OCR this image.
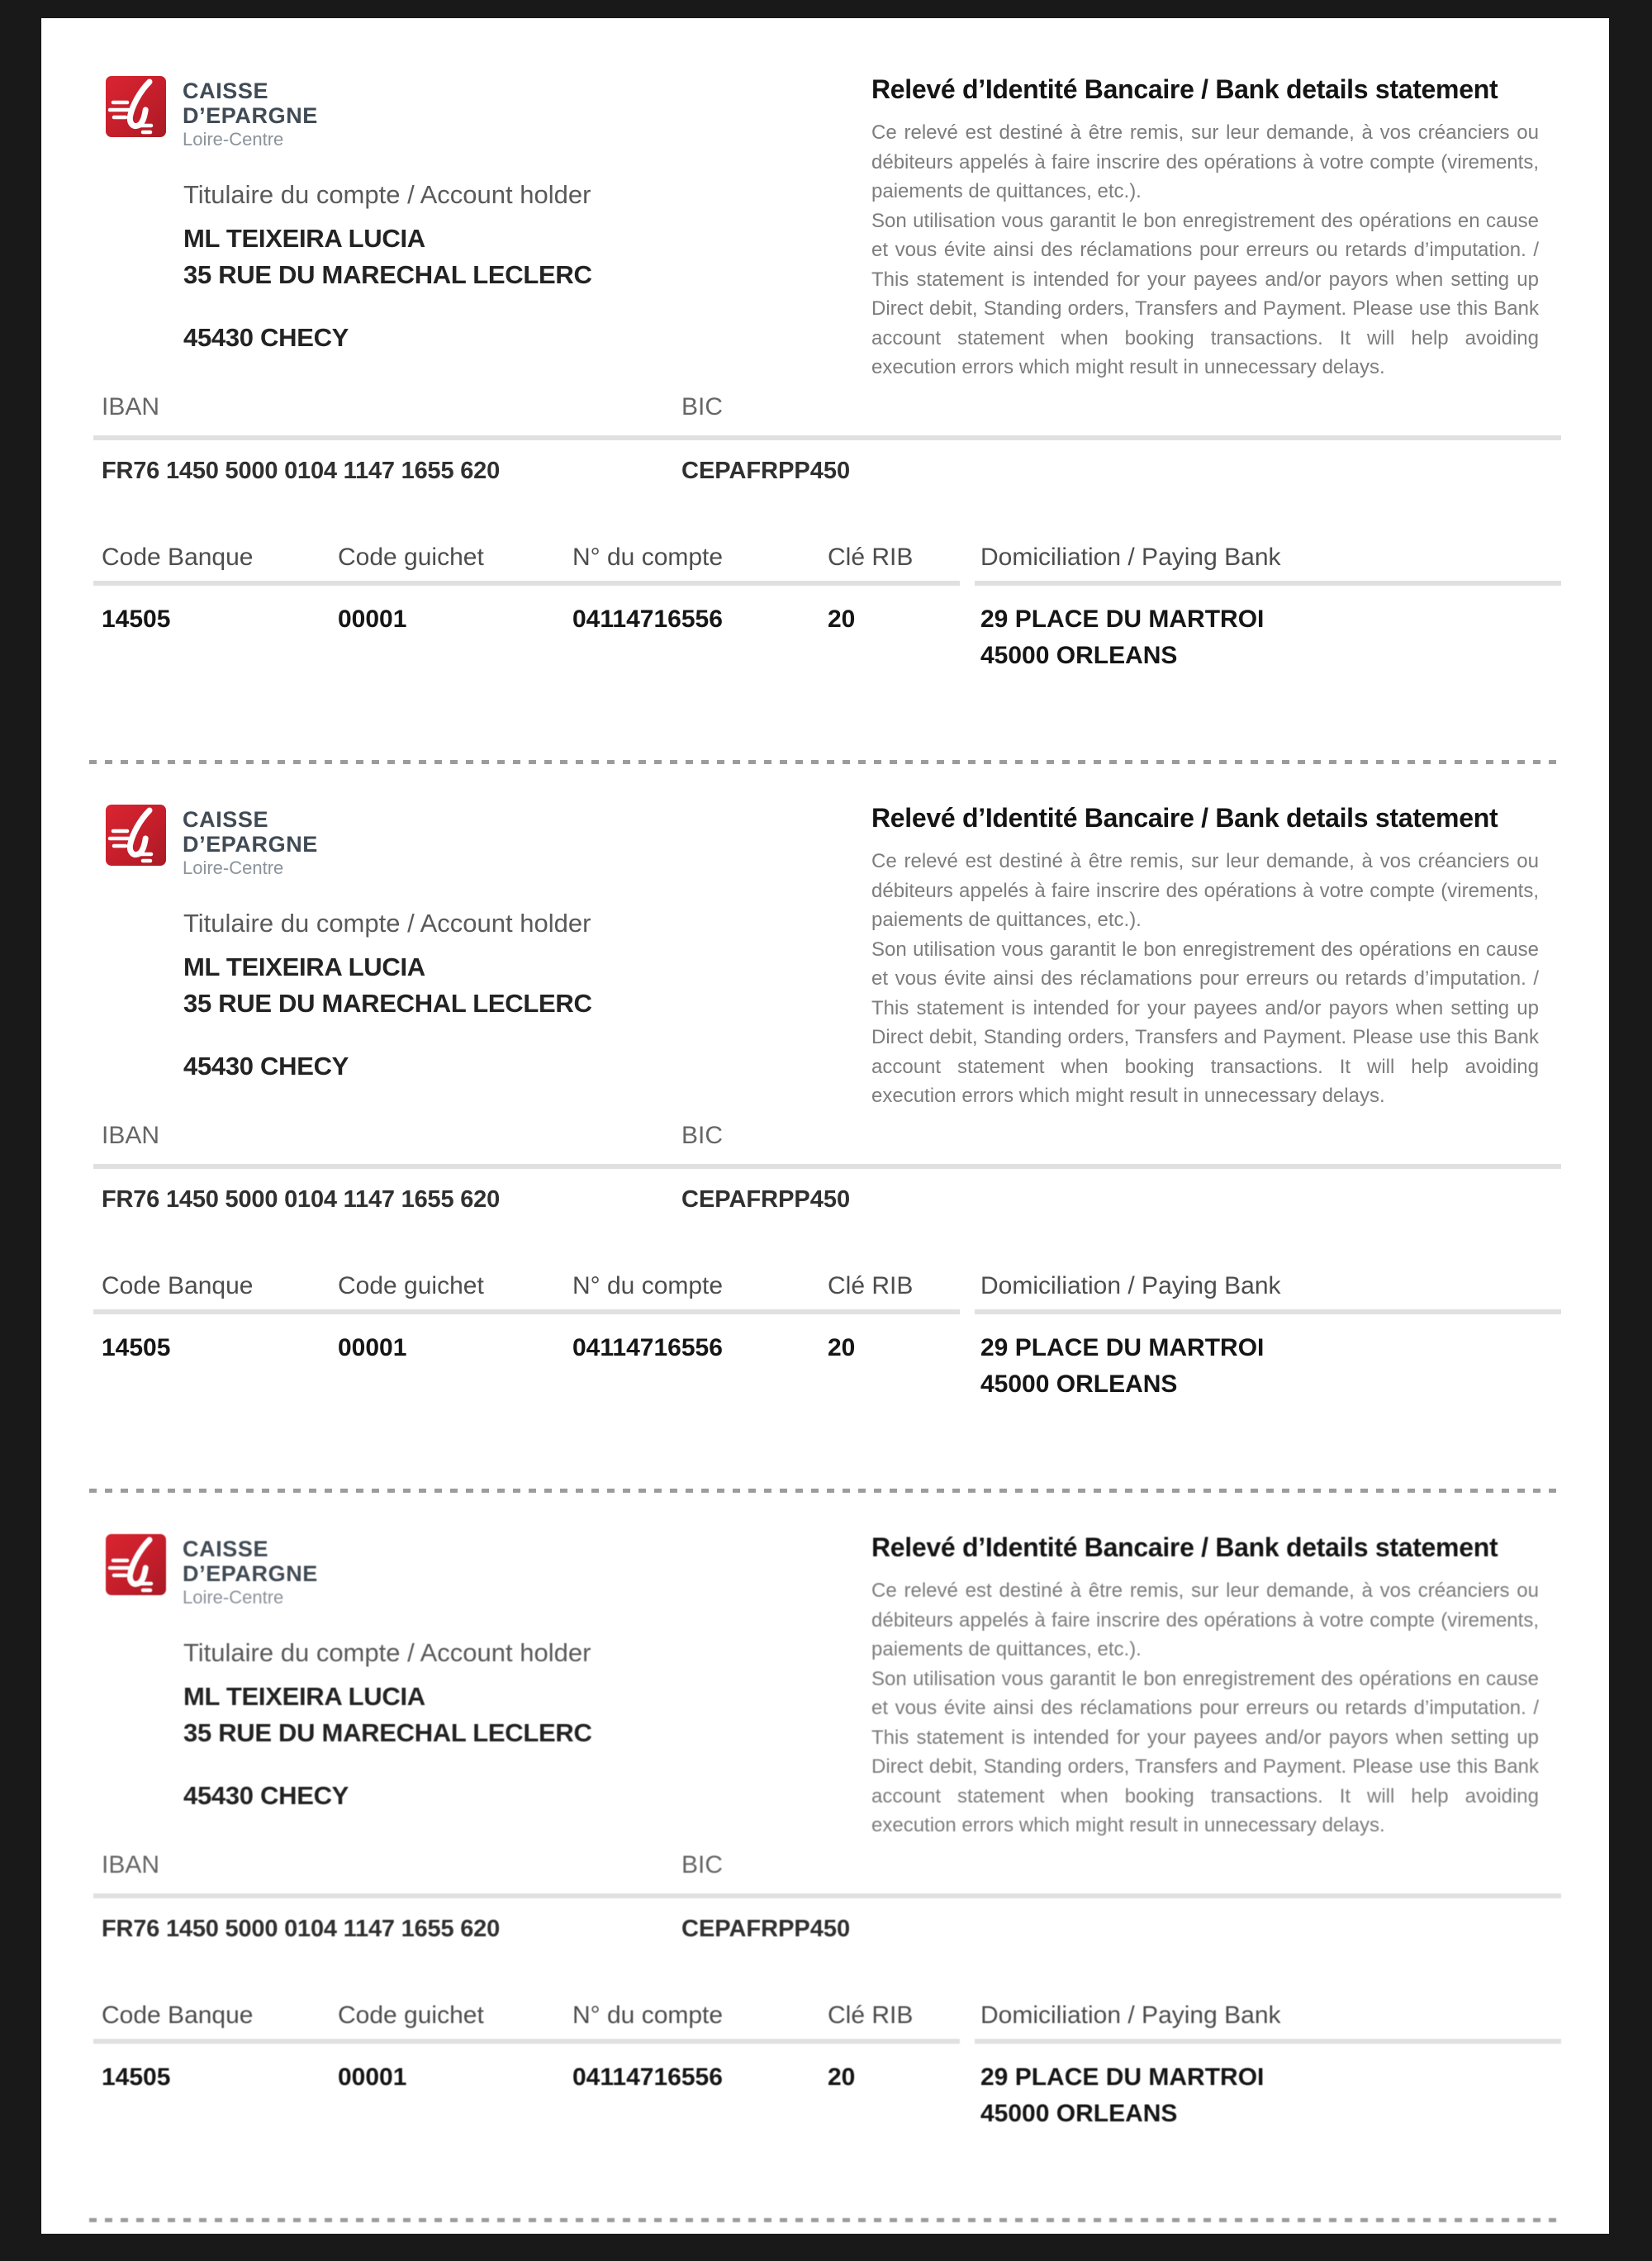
CAISSE
D’EPARGNE
Loire-Centre
Relevé d’Identité Bancaire / Bank details statement

Ce relevé est destiné à être remis, sur leur demande, à vos créanciers ou débiteurs appelés à faire inscrire des opérations à votre compte (virements, paiements de quittances, etc.).

Son utilisation vous garantit le bon enregistrement des opérations en cause et vous évite ainsi des réclamations pour erreurs ou retards d’imputation. / This statement is intended for your payees and/or payors when setting up Direct debit, Standing orders, Transfers and Payment. Please use this Bank account statement when booking transactions. It will help avoiding execution errors which might result in unnecessary delays.

Titulaire du compte / Account holder
ML TEIXEIRA LUCIA
35 RUE DU MARECHAL LECLERC
45430 CHECY
IBAN	BIC
FR76 1450 5000 0104 1147 1655 620	CEPAFRPP450
Code Banque	Code guichet	N° du compte	Clé RIB	Domiciliation / Paying Bank
14505	00001	04114716556	20	29 PLACE DU MARTROI
45000 ORLEANS
CAISSE
D’EPARGNE
Loire-Centre
Relevé d’Identité Bancaire / Bank details statement

Ce relevé est destiné à être remis, sur leur demande, à vos créanciers ou débiteurs appelés à faire inscrire des opérations à votre compte (virements, paiements de quittances, etc.).

Son utilisation vous garantit le bon enregistrement des opérations en cause et vous évite ainsi des réclamations pour erreurs ou retards d’imputation. / This statement is intended for your payees and/or payors when setting up Direct debit, Standing orders, Transfers and Payment. Please use this Bank account statement when booking transactions. It will help avoiding execution errors which might result in unnecessary delays.

Titulaire du compte / Account holder
ML TEIXEIRA LUCIA
35 RUE DU MARECHAL LECLERC
45430 CHECY
IBAN	BIC
FR76 1450 5000 0104 1147 1655 620	CEPAFRPP450
Code Banque	Code guichet	N° du compte	Clé RIB	Domiciliation / Paying Bank
14505	00001	04114716556	20	29 PLACE DU MARTROI
45000 ORLEANS
CAISSE
D’EPARGNE
Loire-Centre
Relevé d’Identité Bancaire / Bank details statement

Ce relevé est destiné à être remis, sur leur demande, à vos créanciers ou débiteurs appelés à faire inscrire des opérations à votre compte (virements, paiements de quittances, etc.).

Son utilisation vous garantit le bon enregistrement des opérations en cause et vous évite ainsi des réclamations pour erreurs ou retards d’imputation. / This statement is intended for your payees and/or payors when setting up Direct debit, Standing orders, Transfers and Payment. Please use this Bank account statement when booking transactions. It will help avoiding execution errors which might result in unnecessary delays.

Titulaire du compte / Account holder
ML TEIXEIRA LUCIA
35 RUE DU MARECHAL LECLERC
45430 CHECY
IBAN	BIC
FR76 1450 5000 0104 1147 1655 620	CEPAFRPP450
Code Banque	Code guichet	N° du compte	Clé RIB	Domiciliation / Paying Bank
14505	00001	04114716556	20	29 PLACE DU MARTROI
45000 ORLEANS
